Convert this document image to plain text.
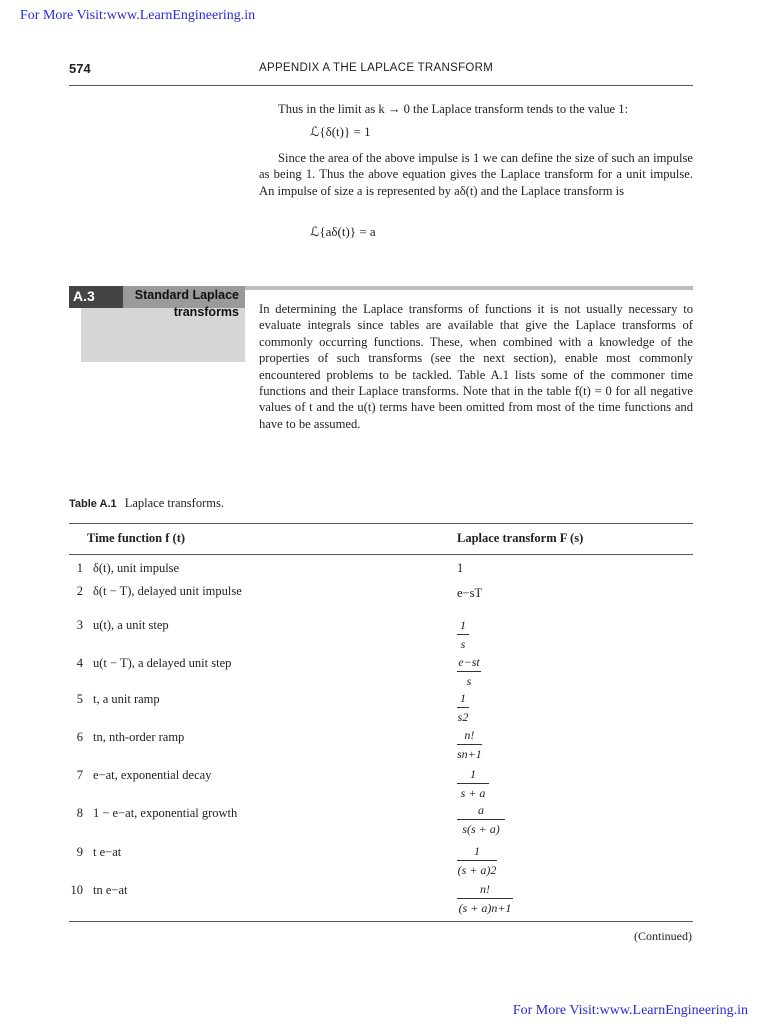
For More Visit:www.LearnEngineering.in
574	APPENDIX A THE LAPLACE TRANSFORM
Thus in the limit as k → 0 the Laplace transform tends to the value 1:
ℒ{δ(t)} = 1
Since the area of the above impulse is 1 we can define the size of such an impulse as being 1. Thus the above equation gives the Laplace transform for a unit impulse. An impulse of size a is represented by aδ(t) and the Laplace transform is
ℒ{aδ(t)} = a
A.3	Standard Laplace
transforms In determining the Laplace transforms of functions it is not usually necessary to evaluate integrals since tables are available that give the Laplace transforms of commonly occurring functions. These, when combined with a knowledge of the properties of such transforms (see the next section), enable most commonly encountered problems to be tackled. Table A.1 lists some of the commoner time functions and their Laplace transforms. Note that in the table f(t) = 0 for all negative values of t and the u(t) terms have been omitted from most of the time functions and have to be assumed.
Table A.1 Laplace transforms.
Time function f (t)	Laplace transform F (s)
1 δ(t), unit impulse	1
2 δ(t − T), delayed unit impulse	e−sT
3 u(t), a unit step	$\frac{1}{s}$
4 u(t − T), a delayed unit step	$\frac{e-st}{s}$
5 t, a unit ramp	$\frac{1}{s2}$
6 tn, nth-order ramp	$\frac{n!}{sn+1}$
7 e−at, exponential decay	$\frac{1}{s + a}$
8 1 − e−at, exponential growth	$\frac{a}{s(s + a)}$
9 t e−at	$\frac{1}{(s + a)2}$
10 tn e−at	$\frac{n!}{(s + a)n+1}$
(Continued)
For More Visit:www.LearnEngineering.in
